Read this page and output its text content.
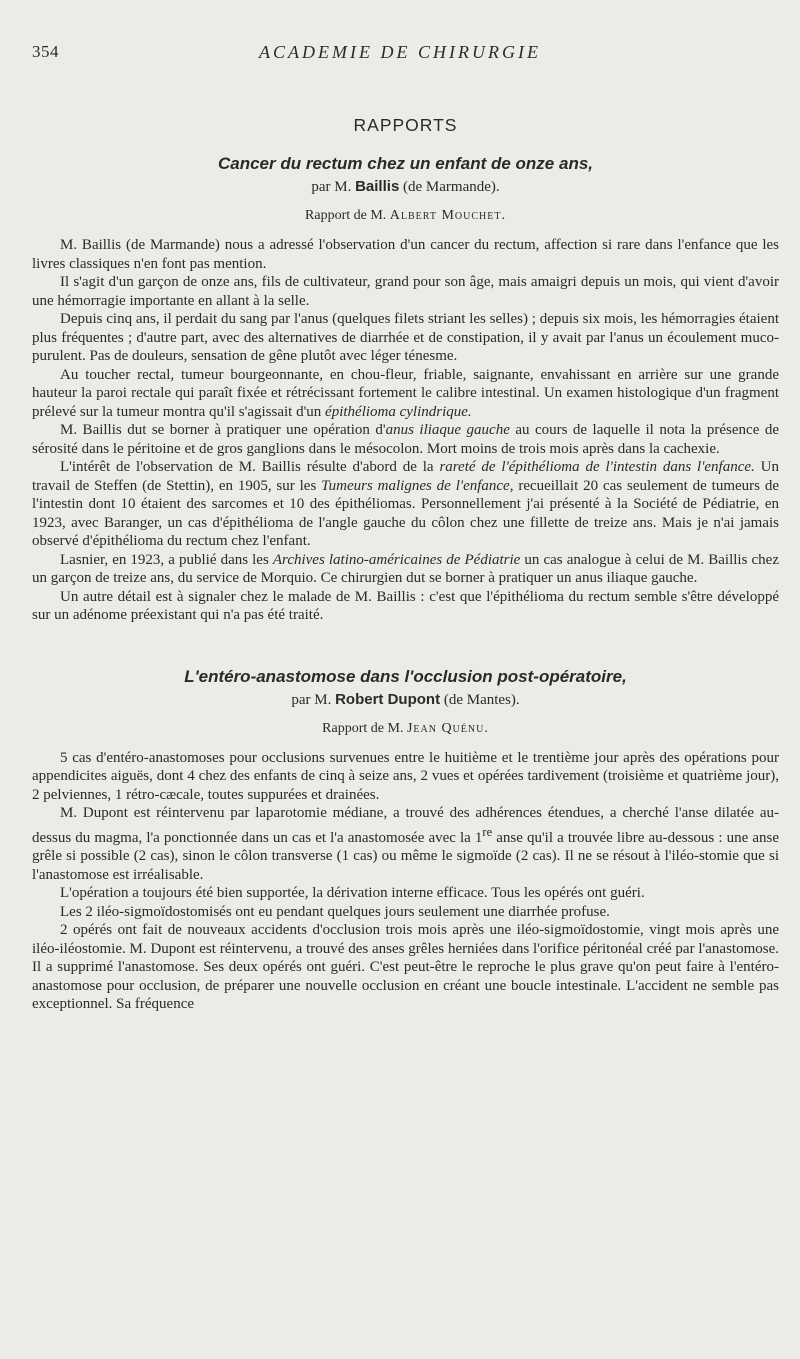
354	ACADEMIE DE CHIRURGIE
RAPPORTS
Cancer du rectum chez un enfant de onze ans,
par M. Baillis (de Marmande).
Rapport de M. Albert Mouchet.

M. Baillis (de Marmande) nous a adressé l'observation d'un cancer du rectum, affection si rare dans l'enfance que les livres classiques n'en font pas mention.

Il s'agit d'un garçon de onze ans, fils de cultivateur, grand pour son âge, mais amaigri depuis un mois, qui vient d'avoir une hémorragie importante en allant à la selle.

Depuis cinq ans, il perdait du sang par l'anus (quelques filets striant les selles) ; depuis six mois, les hémorragies étaient plus fréquentes ; d'autre part, avec des alternatives de diarrhée et de constipation, il y avait par l'anus un écoulement muco-purulent. Pas de douleurs, sensation de gêne plutôt avec léger ténesme.

Au toucher rectal, tumeur bourgeonnante, en chou-fleur, friable, saignante, envahissant en arrière sur une grande hauteur la paroi rectale qui paraît fixée et rétrécissant fortement le calibre intestinal. Un examen histologique d'un fragment prélevé sur la tumeur montra qu'il s'agissait d'un épithélioma cylindrique.

M. Baillis dut se borner à pratiquer une opération d'anus iliaque gauche au cours de laquelle il nota la présence de sérosité dans le péritoine et de gros ganglions dans le mésocolon. Mort moins de trois mois après dans la cachexie.

L'intérêt de l'observation de M. Baillis résulte d'abord de la rareté de l'épithélioma de l'intestin dans l'enfance. Un travail de Steffen (de Stettin), en 1905, sur les Tumeurs malignes de l'enfance, recueillait 20 cas seulement de tumeurs de l'intestin dont 10 étaient des sarcomes et 10 des épithéliomas. Personnellement j'ai présenté à la Société de Pédiatrie, en 1923, avec Baranger, un cas d'épithélioma de l'angle gauche du côlon chez une fillette de treize ans. Mais je n'ai jamais observé d'épithélioma du rectum chez l'enfant.

Lasnier, en 1923, a publié dans les Archives latino-américaines de Pédiatrie un cas analogue à celui de M. Baillis chez un garçon de treize ans, du service de Morquio. Ce chirurgien dut se borner à pratiquer un anus iliaque gauche.

Un autre détail est à signaler chez le malade de M. Baillis : c'est que l'épithélioma du rectum semble s'être développé sur un adénome préexistant qui n'a pas été traité.

L'entéro-anastomose dans l'occlusion post-opératoire,
par M. Robert Dupont (de Mantes).
Rapport de M. Jean Quénu.

5 cas d'entéro-anastomoses pour occlusions survenues entre le huitième et le trentième jour après des opérations pour appendicites aiguës, dont 4 chez des enfants de cinq à seize ans, 2 vues et opérées tardivement (troisième et quatrième jour), 2 pelviennes, 1 rétro-cæcale, toutes suppurées et drainées.

M. Dupont est réintervenu par laparotomie médiane, a trouvé des adhérences étendues, a cherché l'anse dilatée au-dessus du magma, l'a ponctionnée dans un cas et l'a anastomosée avec la 1re anse qu'il a trouvée libre au-dessous : une anse grêle si possible (2 cas), sinon le côlon transverse (1 cas) ou même le sigmoïde (2 cas). Il ne se résout à l'iléo-stomie que si l'anastomose est irréalisable.

L'opération a toujours été bien supportée, la dérivation interne efficace. Tous les opérés ont guéri.

Les 2 iléo-sigmoïdostomisés ont eu pendant quelques jours seulement une diarrhée profuse.

2 opérés ont fait de nouveaux accidents d'occlusion trois mois après une iléo-sigmoïdostomie, vingt mois après une iléo-iléostomie. M. Dupont est réintervenu, a trouvé des anses grêles herniées dans l'orifice péritonéal créé par l'anastomose. Il a supprimé l'anastomose. Ses deux opérés ont guéri. C'est peut-être le reproche le plus grave qu'on peut faire à l'entéro-anastomose pour occlusion, de préparer une nouvelle occlusion en créant une boucle intestinale. L'accident ne semble pas exceptionnel. Sa fréquence
